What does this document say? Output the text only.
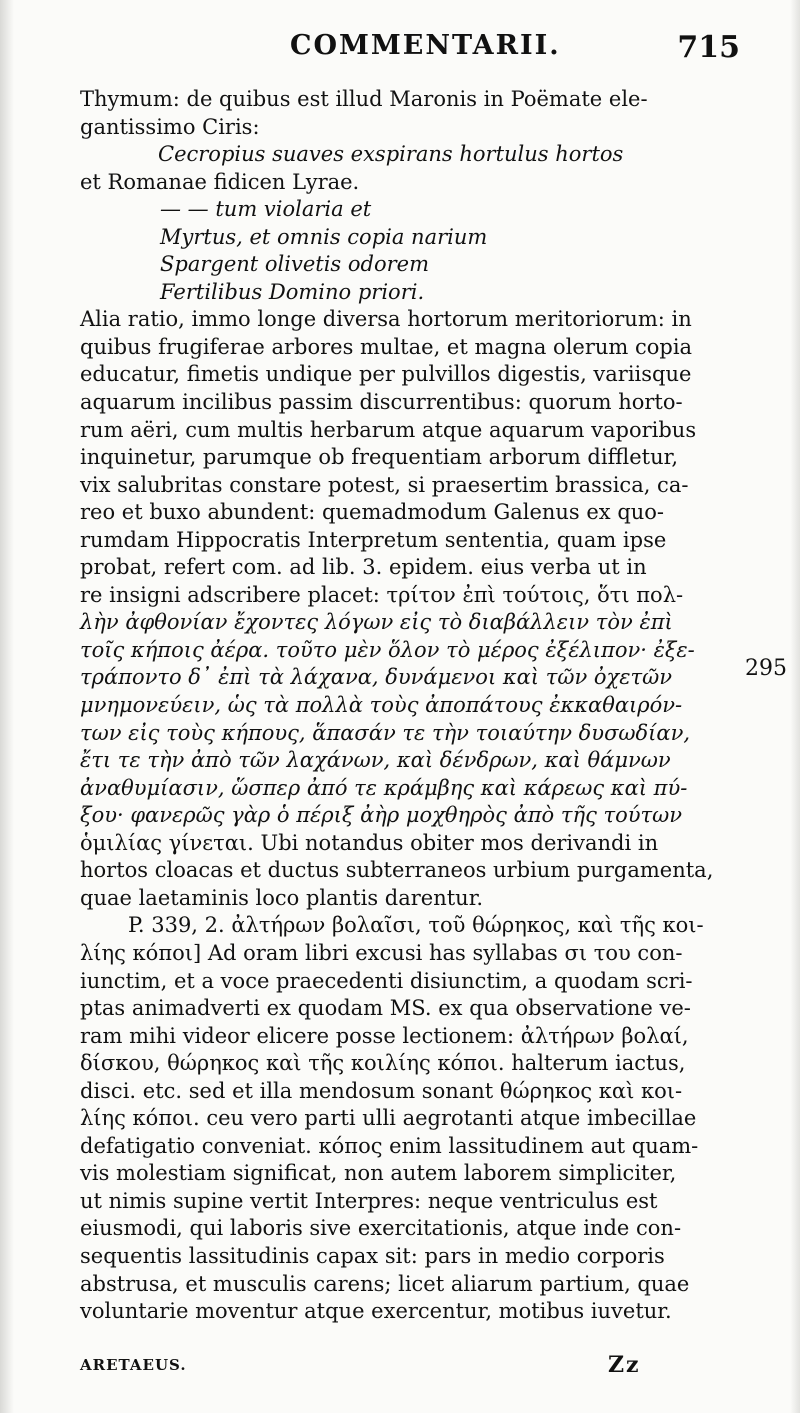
COMMENTARII.	715
Thymum: de quibus est illud Maronis in Poëmate ele-
gantissimo Ciris:
Cecropius suaves exspirans hortulus hortos
et Romanae fidicen Lyrae.
— — tum violaria et
Myrtus, et omnis copia narium
Spargent olivetis odorem
Fertilibus Domino priori.
Alia ratio, immo longe diversa hortorum meritoriorum: in
quibus frugiferae arbores multae, et magna olerum copia
educatur, fimetis undique per pulvillos digestis, variisque
aquarum incilibus passim discurrentibus: quorum horto-
rum aëri, cum multis herbarum atque aquarum vaporibus
inquinetur, parumque ob frequentiam arborum diffletur,
vix salubritas constare potest, si praesertim brassica, ca-
reo et buxo abundent: quemadmodum Galenus ex quo-
rumdam Hippocratis Interpretum sententia, quam ipse
probat, refert com. ad lib. 3. epidem. eius verba ut in
re insigni adscribere placet: τρίτον ἐπὶ τούτοις, ὅτι πολ-
λὴν ἀφθονίαν ἔχοντες λόγων εἰς τὸ διαβάλλειν τὸν ἐπὶ
τοῖς κήποις ἀέρα. τοῦτο μὲν ὅλον τὸ μέρος ἐξέλιπον· ἐξε-
τράποντο δ᾽ ἐπὶ τὰ λάχανα, δυνάμενοι καὶ τῶν ὀχετῶν
μνημονεύειν, ὡς τὰ πολλὰ τοὺς ἀποπάτους ἐκκαθαιρόν-
των εἰς τοὺς κήπους, ἅπασάν τε τὴν τοιαύτην δυσωδίαν,
ἔτι τε τὴν ἀπὸ τῶν λαχάνων, καὶ δένδρων, καὶ θάμνων
ἀναθυμίασιν, ὥσπερ ἀπό τε κράμβης καὶ κάρεως καὶ πύ-
ξου· φανερῶς γὰρ ὁ πέριξ ἀὴρ μοχθηρὸς ἀπὸ τῆς τούτων
ὁμιλίας γίνεται. Ubi notandus obiter mos derivandi in
hortos cloacas et ductus subterraneos urbium purgamenta,
quae laetaminis loco plantis darentur.
P. 339, 2. ἀλτήρων βολαῖσι, τοῦ θώρηκος, καὶ τῆς κοι-
λίης κόποι] Ad oram libri excusi has syllabas σι του con-
iunctim, et a voce praecedenti disiunctim, a quodam scri-
ptas animadverti ex quodam MS. ex qua observatione ve-
ram mihi videor elicere posse lectionem: ἀλτήρων βολαί,
δίσκου, θώρηκος καὶ τῆς κοιλίης κόποι. halterum iactus,
disci. etc. sed et illa mendosum sonant θώρηκος καὶ κοι-
λίης κόποι. ceu vero parti ulli aegrotanti atque imbecillae
defatigatio conveniat. κόπος enim lassitudinem aut quam-
vis molestiam significat, non autem laborem simpliciter,
ut nimis supine vertit Interpres: neque ventriculus est
eiusmodi, qui laboris sive exercitationis, atque inde con-
sequentis lassitudinis capax sit: pars in medio corporis
abstrusa, et musculis carens; licet aliarum partium, quae
voluntarie moventur atque exercentur, motibus iuvetur.
295
ARETAEUS.	Zz
